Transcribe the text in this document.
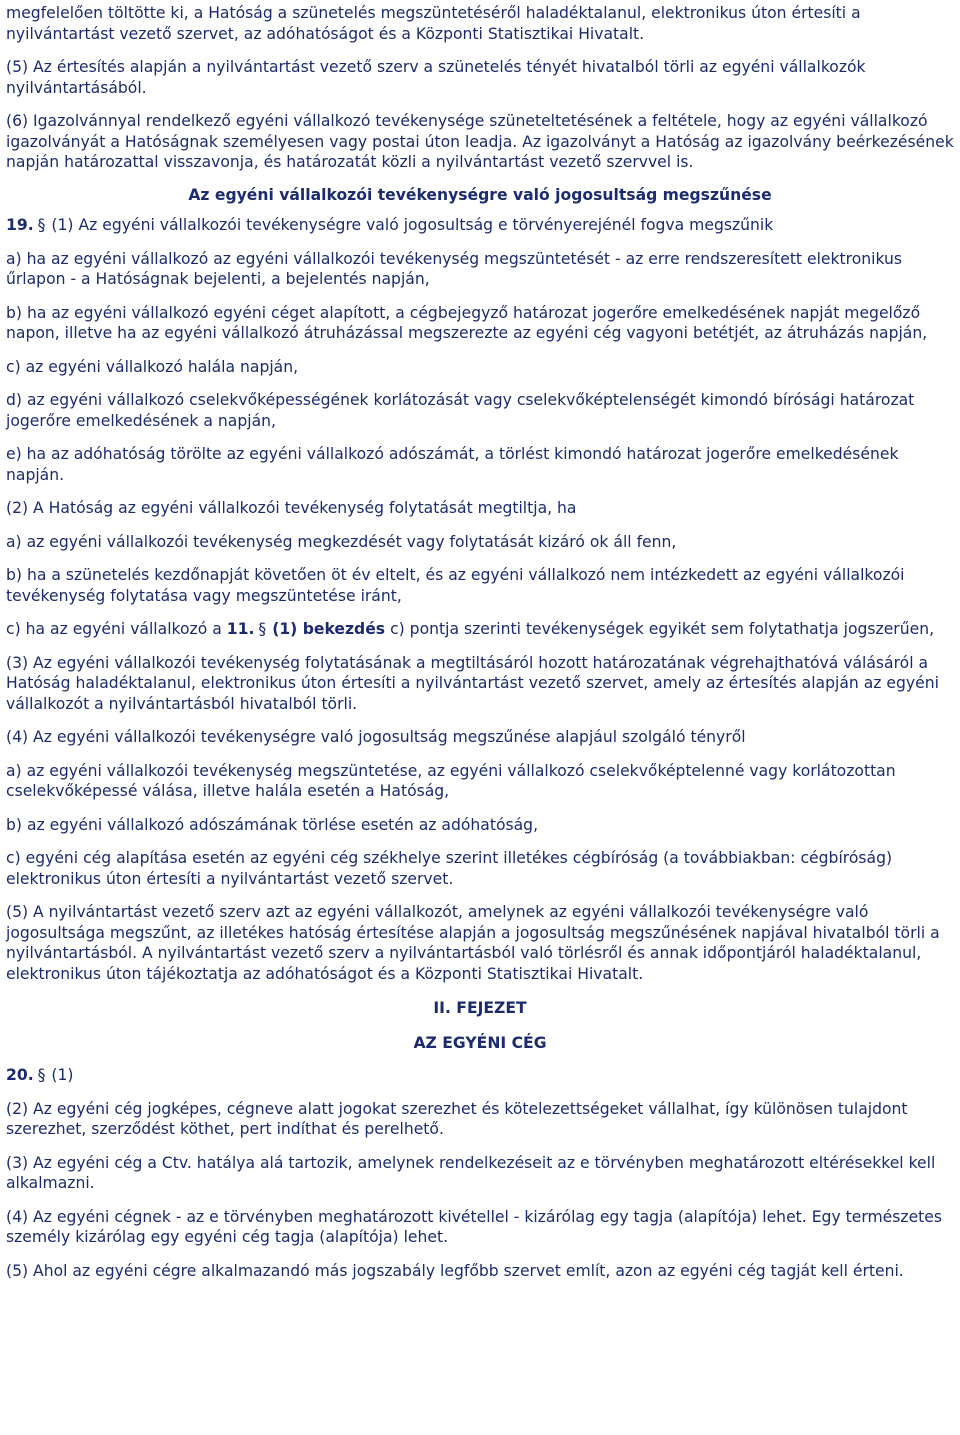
megfelelően töltötte ki, a Hatóság a szünetelés megszüntetéséről haladéktalanul, elektronikus úton értesíti a nyilvántartást vezető szervet, az adóhatóságot és a Központi Statisztikai Hivatalt.

(5) Az értesítés alapján a nyilvántartást vezető szerv a szünetelés tényét hivatalból törli az egyéni vállalkozók nyilvántartásából.

(6) Igazolvánnyal rendelkező egyéni vállalkozó tevékenysége szüneteltetésének a feltétele, hogy az egyéni vállalkozó igazolványát a Hatóságnak személyesen vagy postai úton leadja. Az igazolványt a Hatóság az igazolvány beérkezésének napján határozattal visszavonja, és határozatát közli a nyilvántartást vezető szervvel is.

Az egyéni vállalkozói tevékenységre való jogosultság megszűnése

19. § (1) Az egyéni vállalkozói tevékenységre való jogosultság e törvényerejénél fogva megszűnik

a) ha az egyéni vállalkozó az egyéni vállalkozói tevékenység megszüntetését - az erre rendszeresített elektronikus űrlapon - a Hatóságnak bejelenti, a bejelentés napján,

b) ha az egyéni vállalkozó egyéni céget alapított, a cégbejegyző határozat jogerőre emelkedésének napját megelőző napon, illetve ha az egyéni vállalkozó átruházással megszerezte az egyéni cég vagyoni betétjét, az átruházás napján,

c) az egyéni vállalkozó halála napján,

d) az egyéni vállalkozó cselekvőképességének korlátozását vagy cselekvőképtelenségét kimondó bírósági határozat jogerőre emelkedésének a napján,

e) ha az adóhatóság törölte az egyéni vállalkozó adószámát, a törlést kimondó határozat jogerőre emelkedésének napján.

(2) A Hatóság az egyéni vállalkozói tevékenység folytatását megtiltja, ha

a) az egyéni vállalkozói tevékenység megkezdését vagy folytatását kizáró ok áll fenn,

b) ha a szünetelés kezdőnapját követően öt év eltelt, és az egyéni vállalkozó nem intézkedett az egyéni vállalkozói tevékenység folytatása vagy megszüntetése iránt,

c) ha az egyéni vállalkozó a 11. § (1) bekezdés c) pontja szerinti tevékenységek egyikét sem folytathatja jogszerűen,

(3) Az egyéni vállalkozói tevékenység folytatásának a megtiltásáról hozott határozatának végrehajthatóvá válásáról a Hatóság haladéktalanul, elektronikus úton értesíti a nyilvántartást vezető szervet, amely az értesítés alapján az egyéni vállalkozót a nyilvántartásból hivatalból törli.

(4) Az egyéni vállalkozói tevékenységre való jogosultság megszűnése alapjául szolgáló tényről

a) az egyéni vállalkozói tevékenység megszüntetése, az egyéni vállalkozó cselekvőképtelenné vagy korlátozottan cselekvőképessé válása, illetve halála esetén a Hatóság,

b) az egyéni vállalkozó adószámának törlése esetén az adóhatóság,

c) egyéni cég alapítása esetén az egyéni cég székhelye szerint illetékes cégbíróság (a továbbiakban: cégbíróság) elektronikus úton értesíti a nyilvántartást vezető szervet.

(5) A nyilvántartást vezető szerv azt az egyéni vállalkozót, amelynek az egyéni vállalkozói tevékenységre való jogosultsága megszűnt, az illetékes hatóság értesítése alapján a jogosultság megszűnésének napjával hivatalból törli a nyilvántartásból. A nyilvántartást vezető szerv a nyilvántartásból való törlésről és annak időpontjáról haladéktalanul, elektronikus úton tájékoztatja az adóhatóságot és a Központi Statisztikai Hivatalt.

II. FEJEZET

AZ EGYÉNI CÉG

20. § (1)

(2) Az egyéni cég jogképes, cégneve alatt jogokat szerezhet és kötelezettségeket vállalhat, így különösen tulajdont szerezhet, szerződést köthet, pert indíthat és perelhető.

(3) Az egyéni cég a Ctv. hatálya alá tartozik, amelynek rendelkezéseit az e törvényben meghatározott eltérésekkel kell alkalmazni.

(4) Az egyéni cégnek - az e törvényben meghatározott kivétellel - kizárólag egy tagja (alapítója) lehet. Egy természetes személy kizárólag egy egyéni cég tagja (alapítója) lehet.

(5) Ahol az egyéni cégre alkalmazandó más jogszabály legfőbb szervet említ, azon az egyéni cég tagját kell érteni.
